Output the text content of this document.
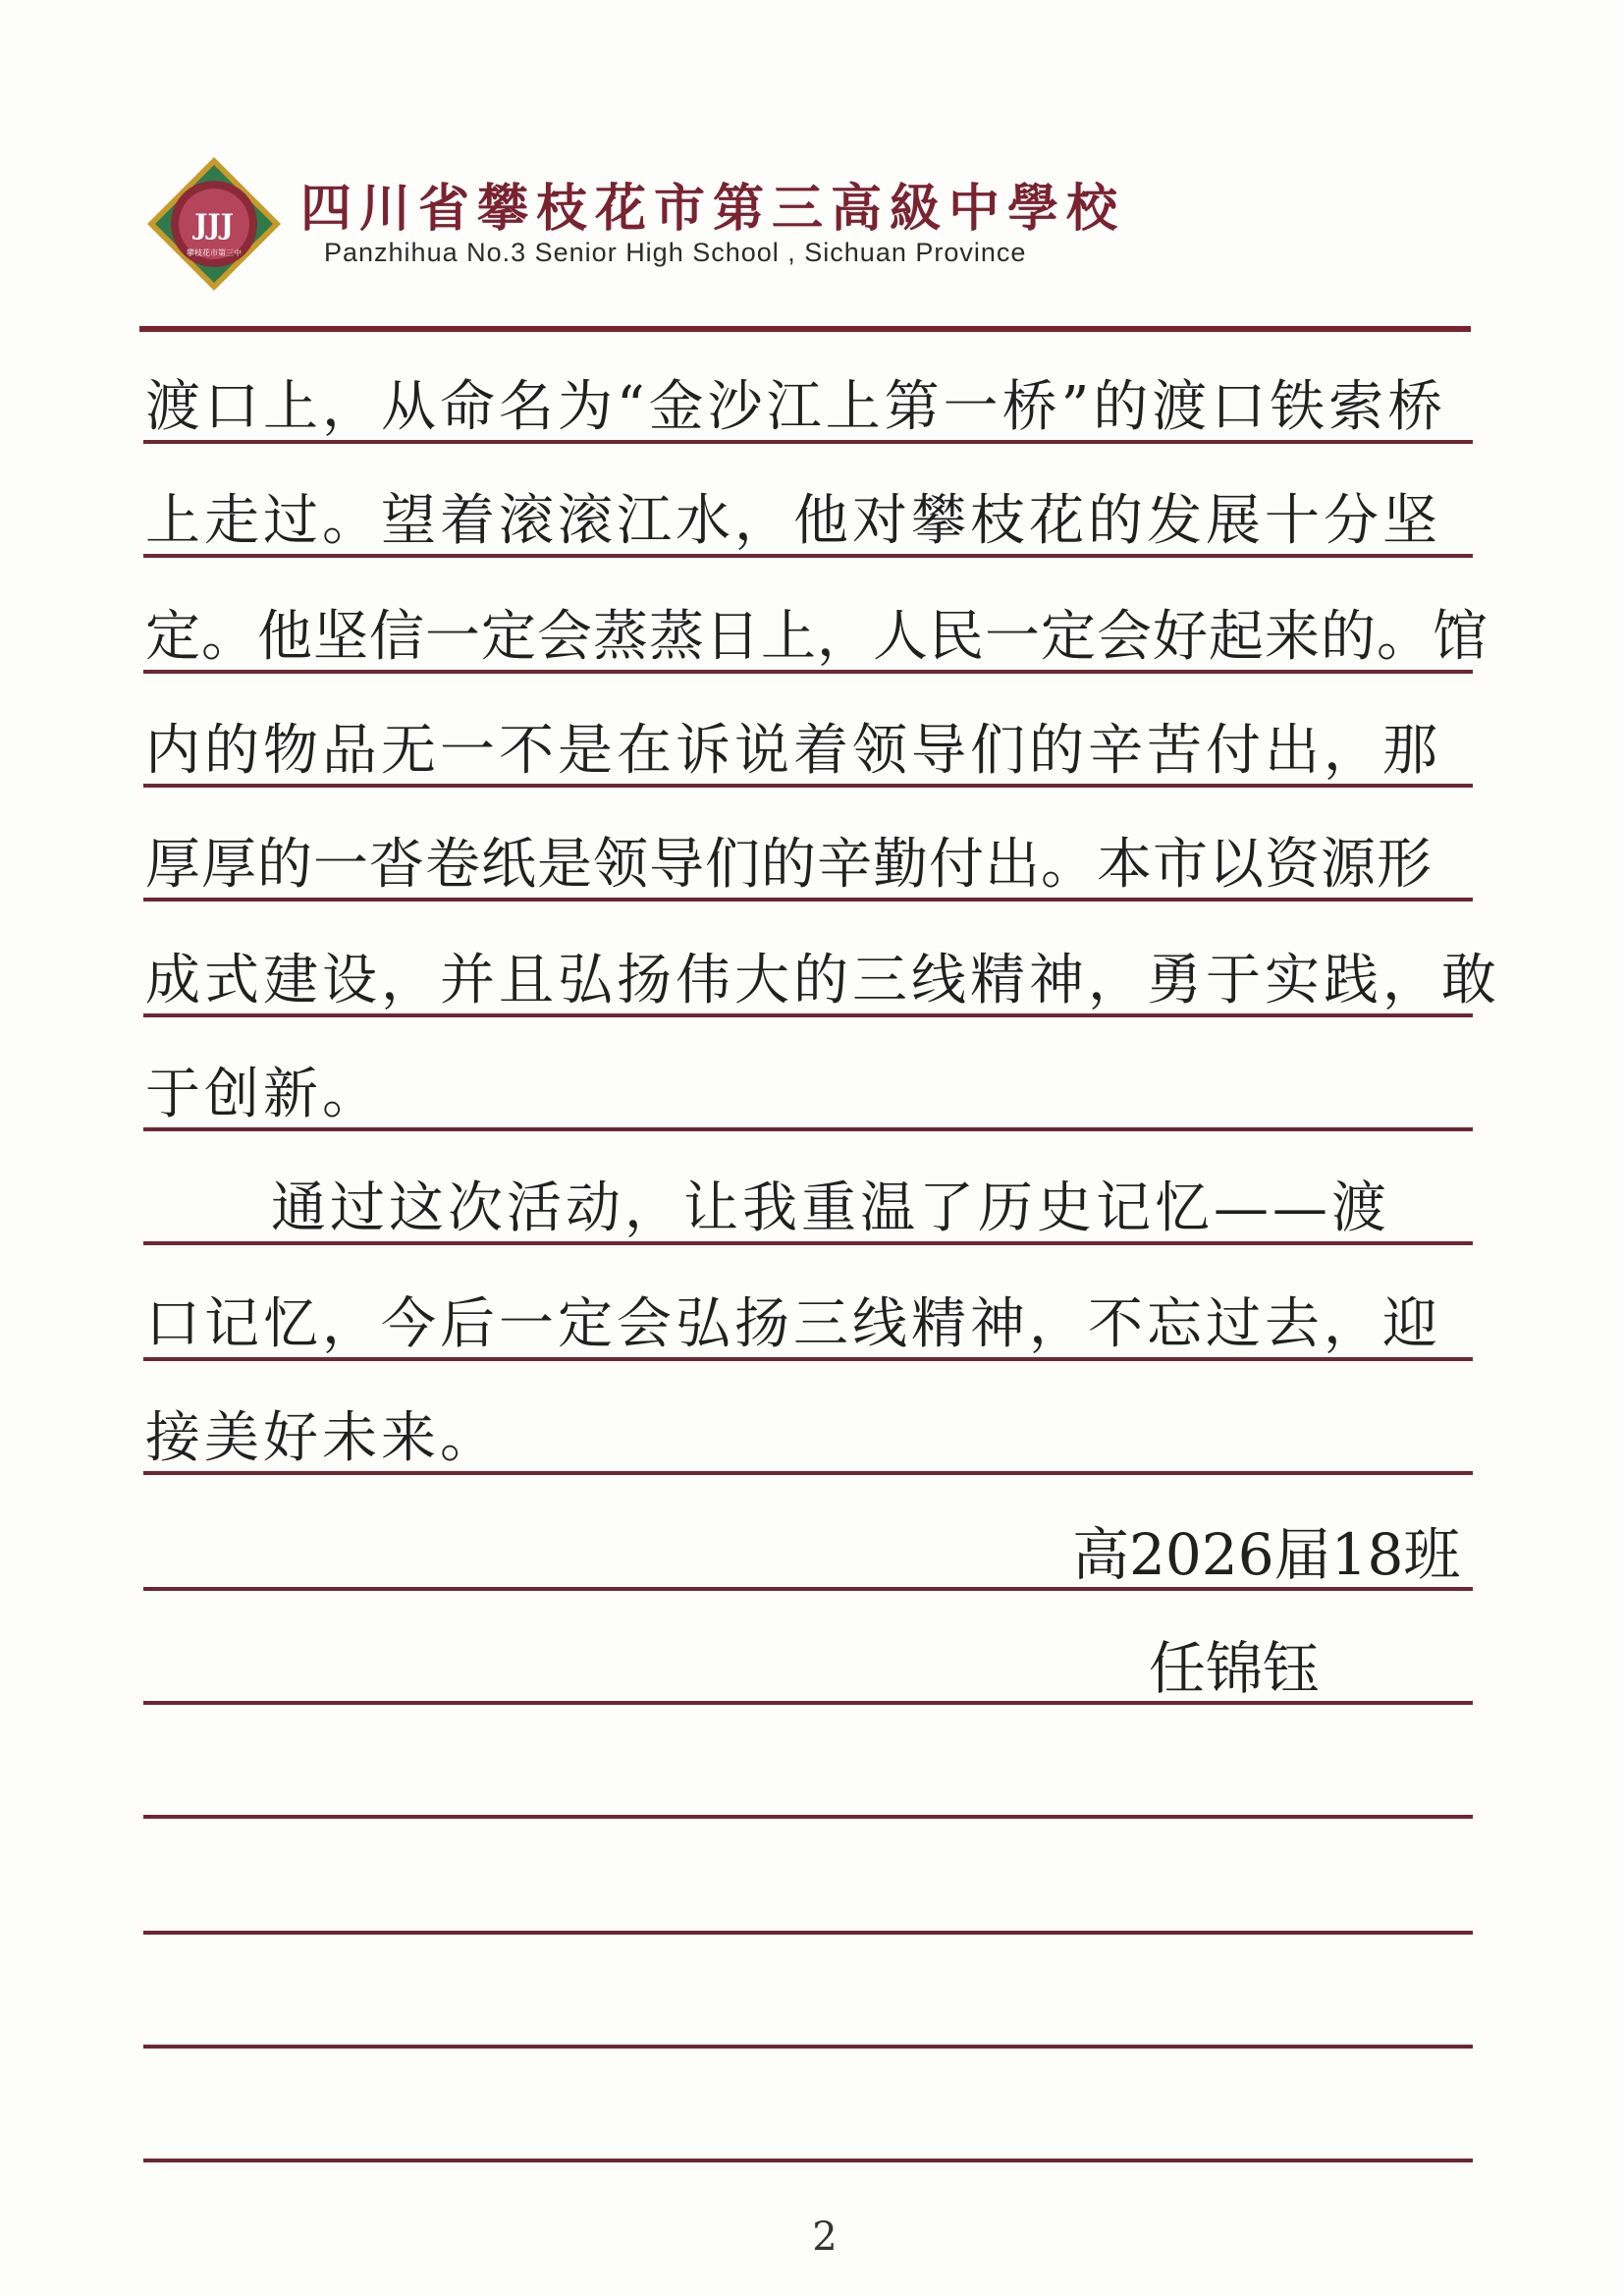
JJJ
攀枝花市第三中
四川省攀枝花市第三高級中學校
Panzhihua No.3 Senior High School , Sichuan Province
渡口上，从命名为“金沙江上第一桥”的渡口铁索桥
上走过。望着滚滚江水，他对攀枝花的发展十分坚
定。他坚信一定会蒸蒸日上，人民一定会好起来的。馆
内的物品无一不是在诉说着领导们的辛苦付出，那
厚厚的一沓卷纸是领导们的辛勤付出。本市以资源形
成式建设，并且弘扬伟大的三线精神，勇于实践，敢
于创新。
通过这次活动，让我重温了历史记忆——渡
口记忆，今后一定会弘扬三线精神，不忘过去，迎
接美好未来。
高2026届18班
任锦钰
2
